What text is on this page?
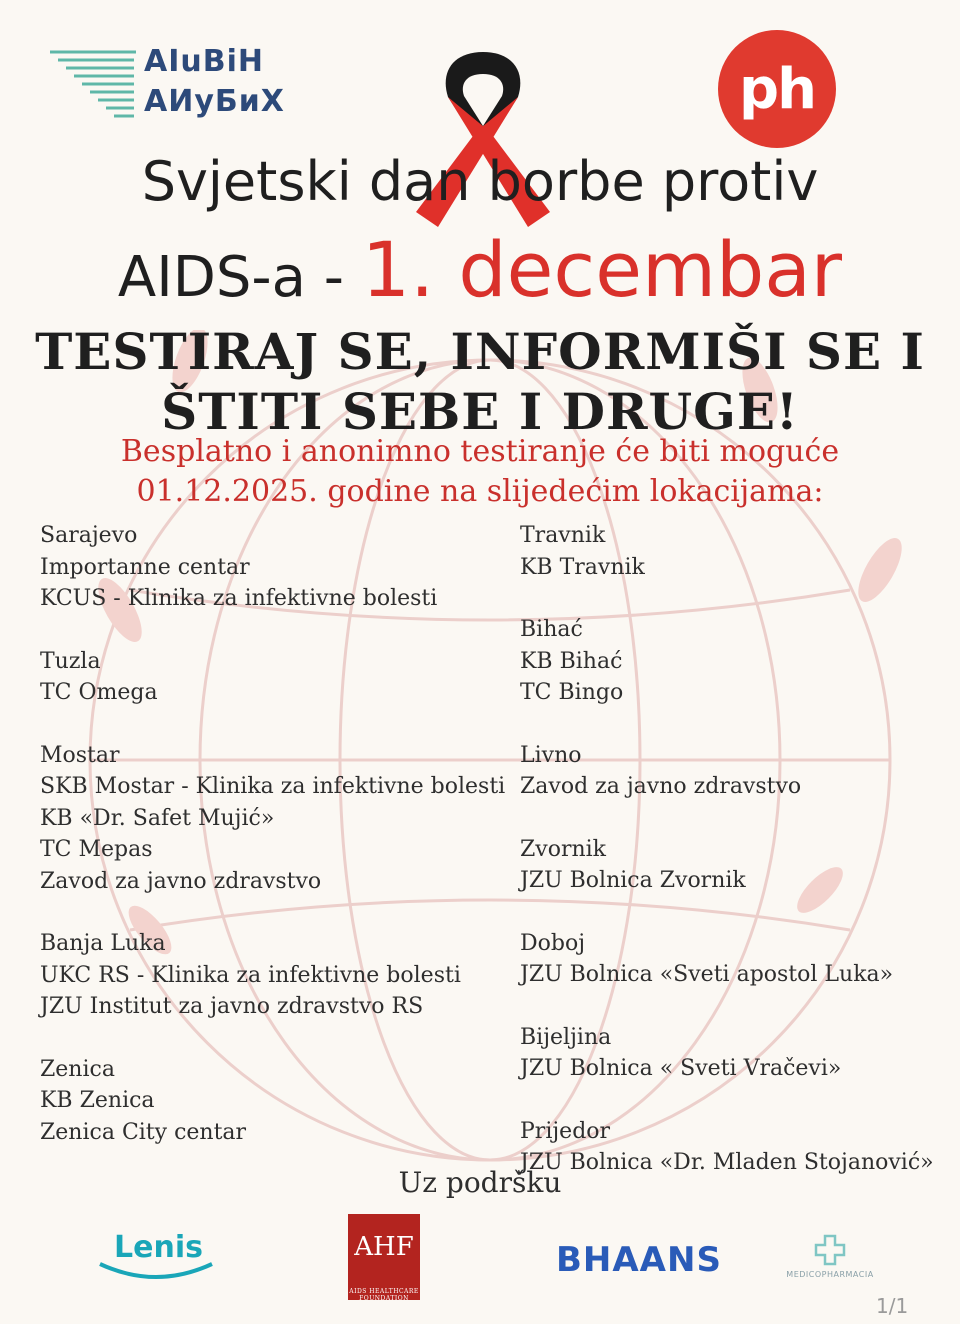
AIuBiH
АИуБиХ	ph
Svjetski dan borbe protiv
AIDS-a - 1. decembar
TESTIRAJ SE, INFORMIŠI SE I
ŠTITI SEBE I DRUGE!
Besplatno i anonimno testiranje će biti moguće
01.12.2025. godine na slijedećim lokacijama:
Sarajevo
Importanne centar
KCUS - Klinika za infektivne bolesti
Tuzla
TC Omega
Mostar
SKB Mostar - Klinika za infektivne bolesti
KB «Dr. Safet Mujić»
TC Mepas
Zavod za javno zdravstvo
Banja Luka
UKC RS - Klinika za infektivne bolesti
JZU Institut za javno zdravstvo RS
Zenica
KB Zenica
Zenica City centar
Travnik
KB Travnik
Bihać
KB Bihać
TC Bingo
Livno
Zavod za javno zdravstvo
Zvornik
JZU Bolnica Zvornik
Doboj
JZU Bolnica «Sveti apostol Luka»
Bijeljina
JZU Bolnica « Sveti Vračevi»
Prijedor
JZU Bolnica «Dr. Mladen Stojanović»
Uz podršku
Lenis	AHF
AIDS HEALTHCARE FOUNDATION
BHAANS	MEDICOPHARMACIA
1/1
